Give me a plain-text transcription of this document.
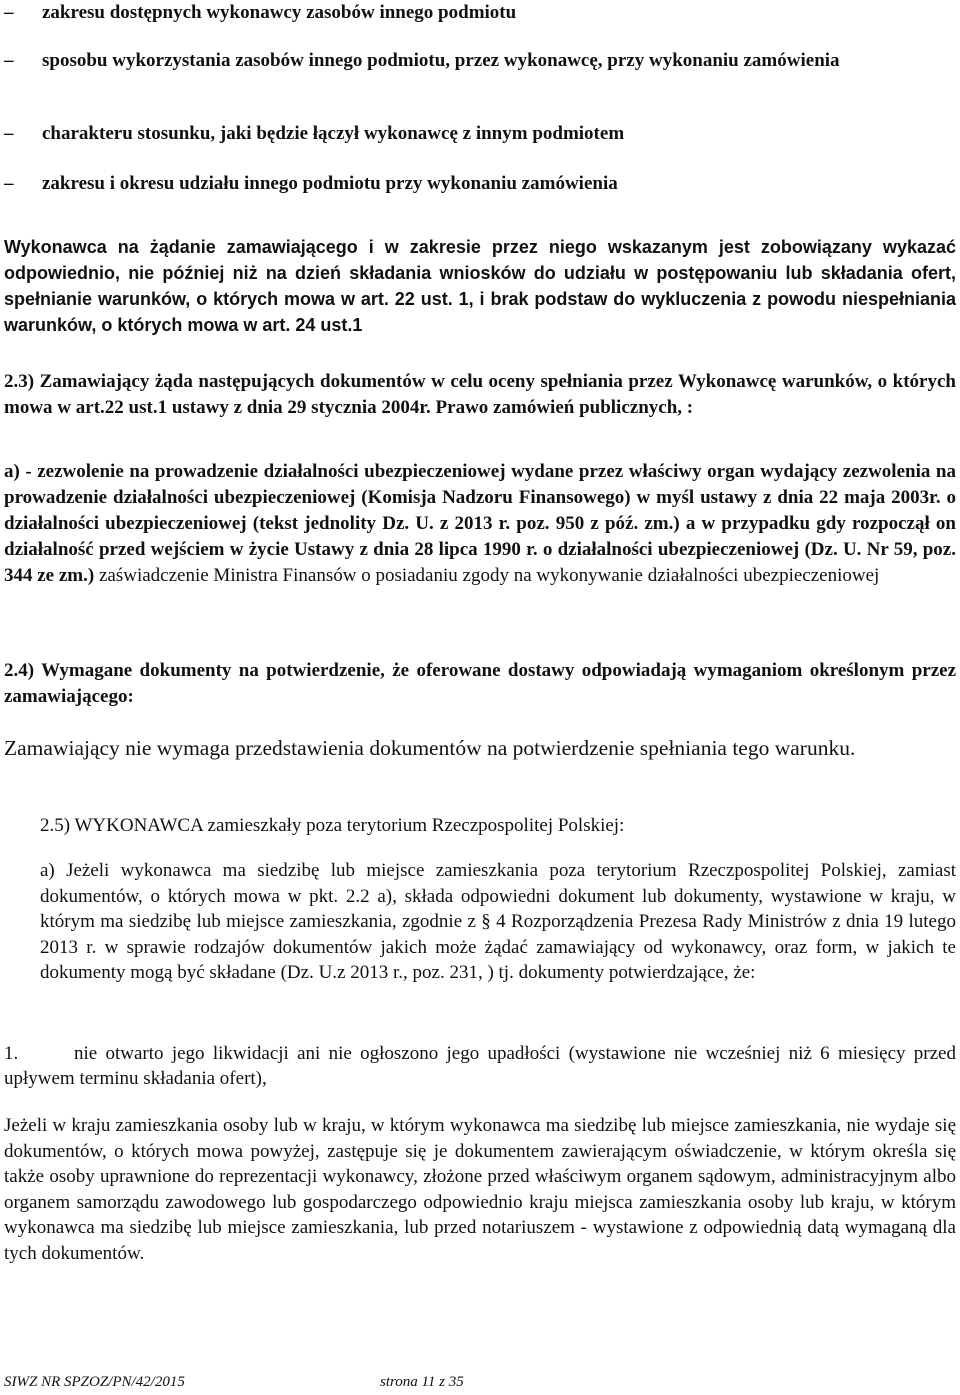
–	zakresu dostępnych wykonawcy zasobów innego podmiotu
–	sposobu wykorzystania zasobów innego podmiotu, przez wykonawcę, przy wykonaniu zamówienia
–	charakteru stosunku, jaki będzie łączył wykonawcę z innym podmiotem
–	zakresu i okresu udziału innego podmiotu przy wykonaniu zamówienia
Wykonawca na żądanie zamawiającego i w zakresie przez niego wskazanym jest zobowiązany wykazać odpowiednio, nie później niż na dzień składania wniosków do udziału w postępowaniu lub składania ofert, spełnianie warunków, o których mowa w art. 22 ust. 1, i brak podstaw do wykluczenia z powodu niespełniania warunków, o których mowa w art. 24 ust.1
2.3) Zamawiający żąda następujących dokumentów w celu oceny spełniania przez Wykonawcę warunków, o których mowa w art.22 ust.1 ustawy z dnia 29 stycznia 2004r. Prawo zamówień publicznych, :
a) - zezwolenie na prowadzenie działalności ubezpieczeniowej wydane przez właściwy organ wydający zezwolenia na prowadzenie działalności ubezpieczeniowej (Komisja Nadzoru Finansowego) w myśl ustawy z dnia 22 maja 2003r. o działalności ubezpieczeniowej (tekst jednolity Dz. U. z 2013 r. poz. 950 z póź. zm.) a w przypadku gdy rozpoczął on działalność przed wejściem w życie Ustawy z dnia 28 lipca 1990 r. o działalności ubezpieczeniowej (Dz. U. Nr 59, poz. 344 ze zm.) zaświadczenie Ministra Finansów o posiadaniu zgody na wykonywanie działalności ubezpieczeniowej
2.4) Wymagane dokumenty na potwierdzenie, że oferowane dostawy odpowiadają wymaganiom określonym przez zamawiającego:
Zamawiający nie wymaga przedstawienia dokumentów na potwierdzenie spełniania tego warunku.
2.5) WYKONAWCA zamieszkały poza terytorium Rzeczpospolitej Polskiej:
a) Jeżeli wykonawca ma siedzibę lub miejsce zamieszkania poza terytorium Rzeczpospolitej Polskiej, zamiast dokumentów, o których mowa w pkt. 2.2 a), składa odpowiedni dokument lub dokumenty, wystawione w kraju, w którym ma siedzibę lub miejsce zamieszkania, zgodnie z § 4 Rozporządzenia Prezesa Rady Ministrów z dnia 19 lutego 2013 r. w sprawie rodzajów dokumentów jakich może żądać zamawiający od wykonawcy, oraz form, w jakich te dokumenty mogą być składane (Dz. U.z 2013 r., poz. 231, ) tj. dokumenty potwierdzające, że:
1.	nie otwarto jego likwidacji ani nie ogłoszono jego upadłości (wystawione nie wcześniej niż 6 miesięcy przed upływem terminu składania ofert),
Jeżeli w kraju zamieszkania osoby lub w kraju, w którym wykonawca ma siedzibę lub miejsce zamieszkania, nie wydaje się dokumentów, o których mowa powyżej, zastępuje się je dokumentem zawierającym oświadczenie, w którym określa się także osoby uprawnione do reprezentacji wykonawcy, złożone przed właściwym organem sądowym, administracyjnym albo organem samorządu zawodowego lub gospodarczego odpowiednio kraju miejsca zamieszkania osoby lub kraju, w którym wykonawca ma siedzibę lub miejsce zamieszkania, lub przed notariuszem - wystawione z odpowiednią datą wymaganą dla tych dokumentów.
SIWZ NR SPZOZ/PN/42/2015	strona 11 z 35
